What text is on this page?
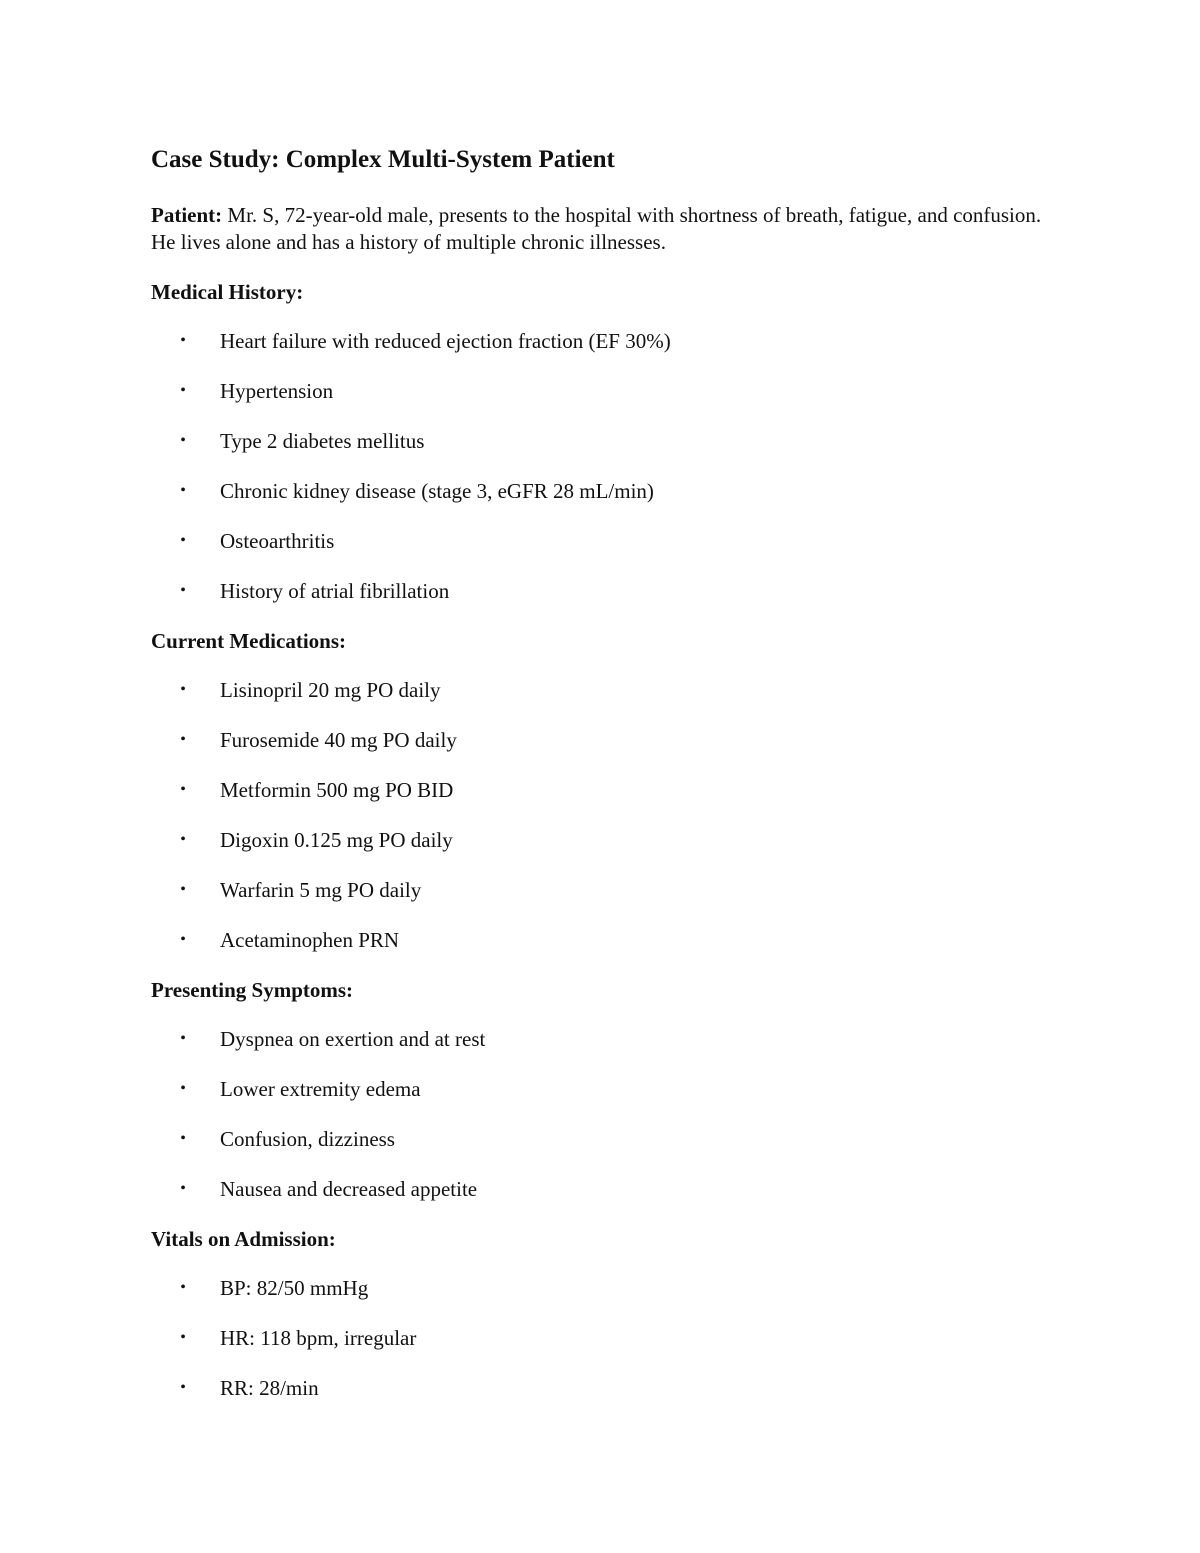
Case Study: Complex Multi-System Patient

Patient: Mr. S, 72-year-old male, presents to the hospital with shortness of breath, fatigue, and confusion. He lives alone and has a history of multiple chronic illnesses.

Medical History:
•	Heart failure with reduced ejection fraction (EF 30%)
•	Hypertension
•	Type 2 diabetes mellitus
•	Chronic kidney disease (stage 3, eGFR 28 mL/min)
•	Osteoarthritis
•	History of atrial fibrillation
Current Medications:
•	Lisinopril 20 mg PO daily
•	Furosemide 40 mg PO daily
•	Metformin 500 mg PO BID
•	Digoxin 0.125 mg PO daily
•	Warfarin 5 mg PO daily
•	Acetaminophen PRN
Presenting Symptoms:
•	Dyspnea on exertion and at rest
•	Lower extremity edema
•	Confusion, dizziness
•	Nausea and decreased appetite
Vitals on Admission:
•	BP: 82/50 mmHg
•	HR: 118 bpm, irregular
•	RR: 28/min
